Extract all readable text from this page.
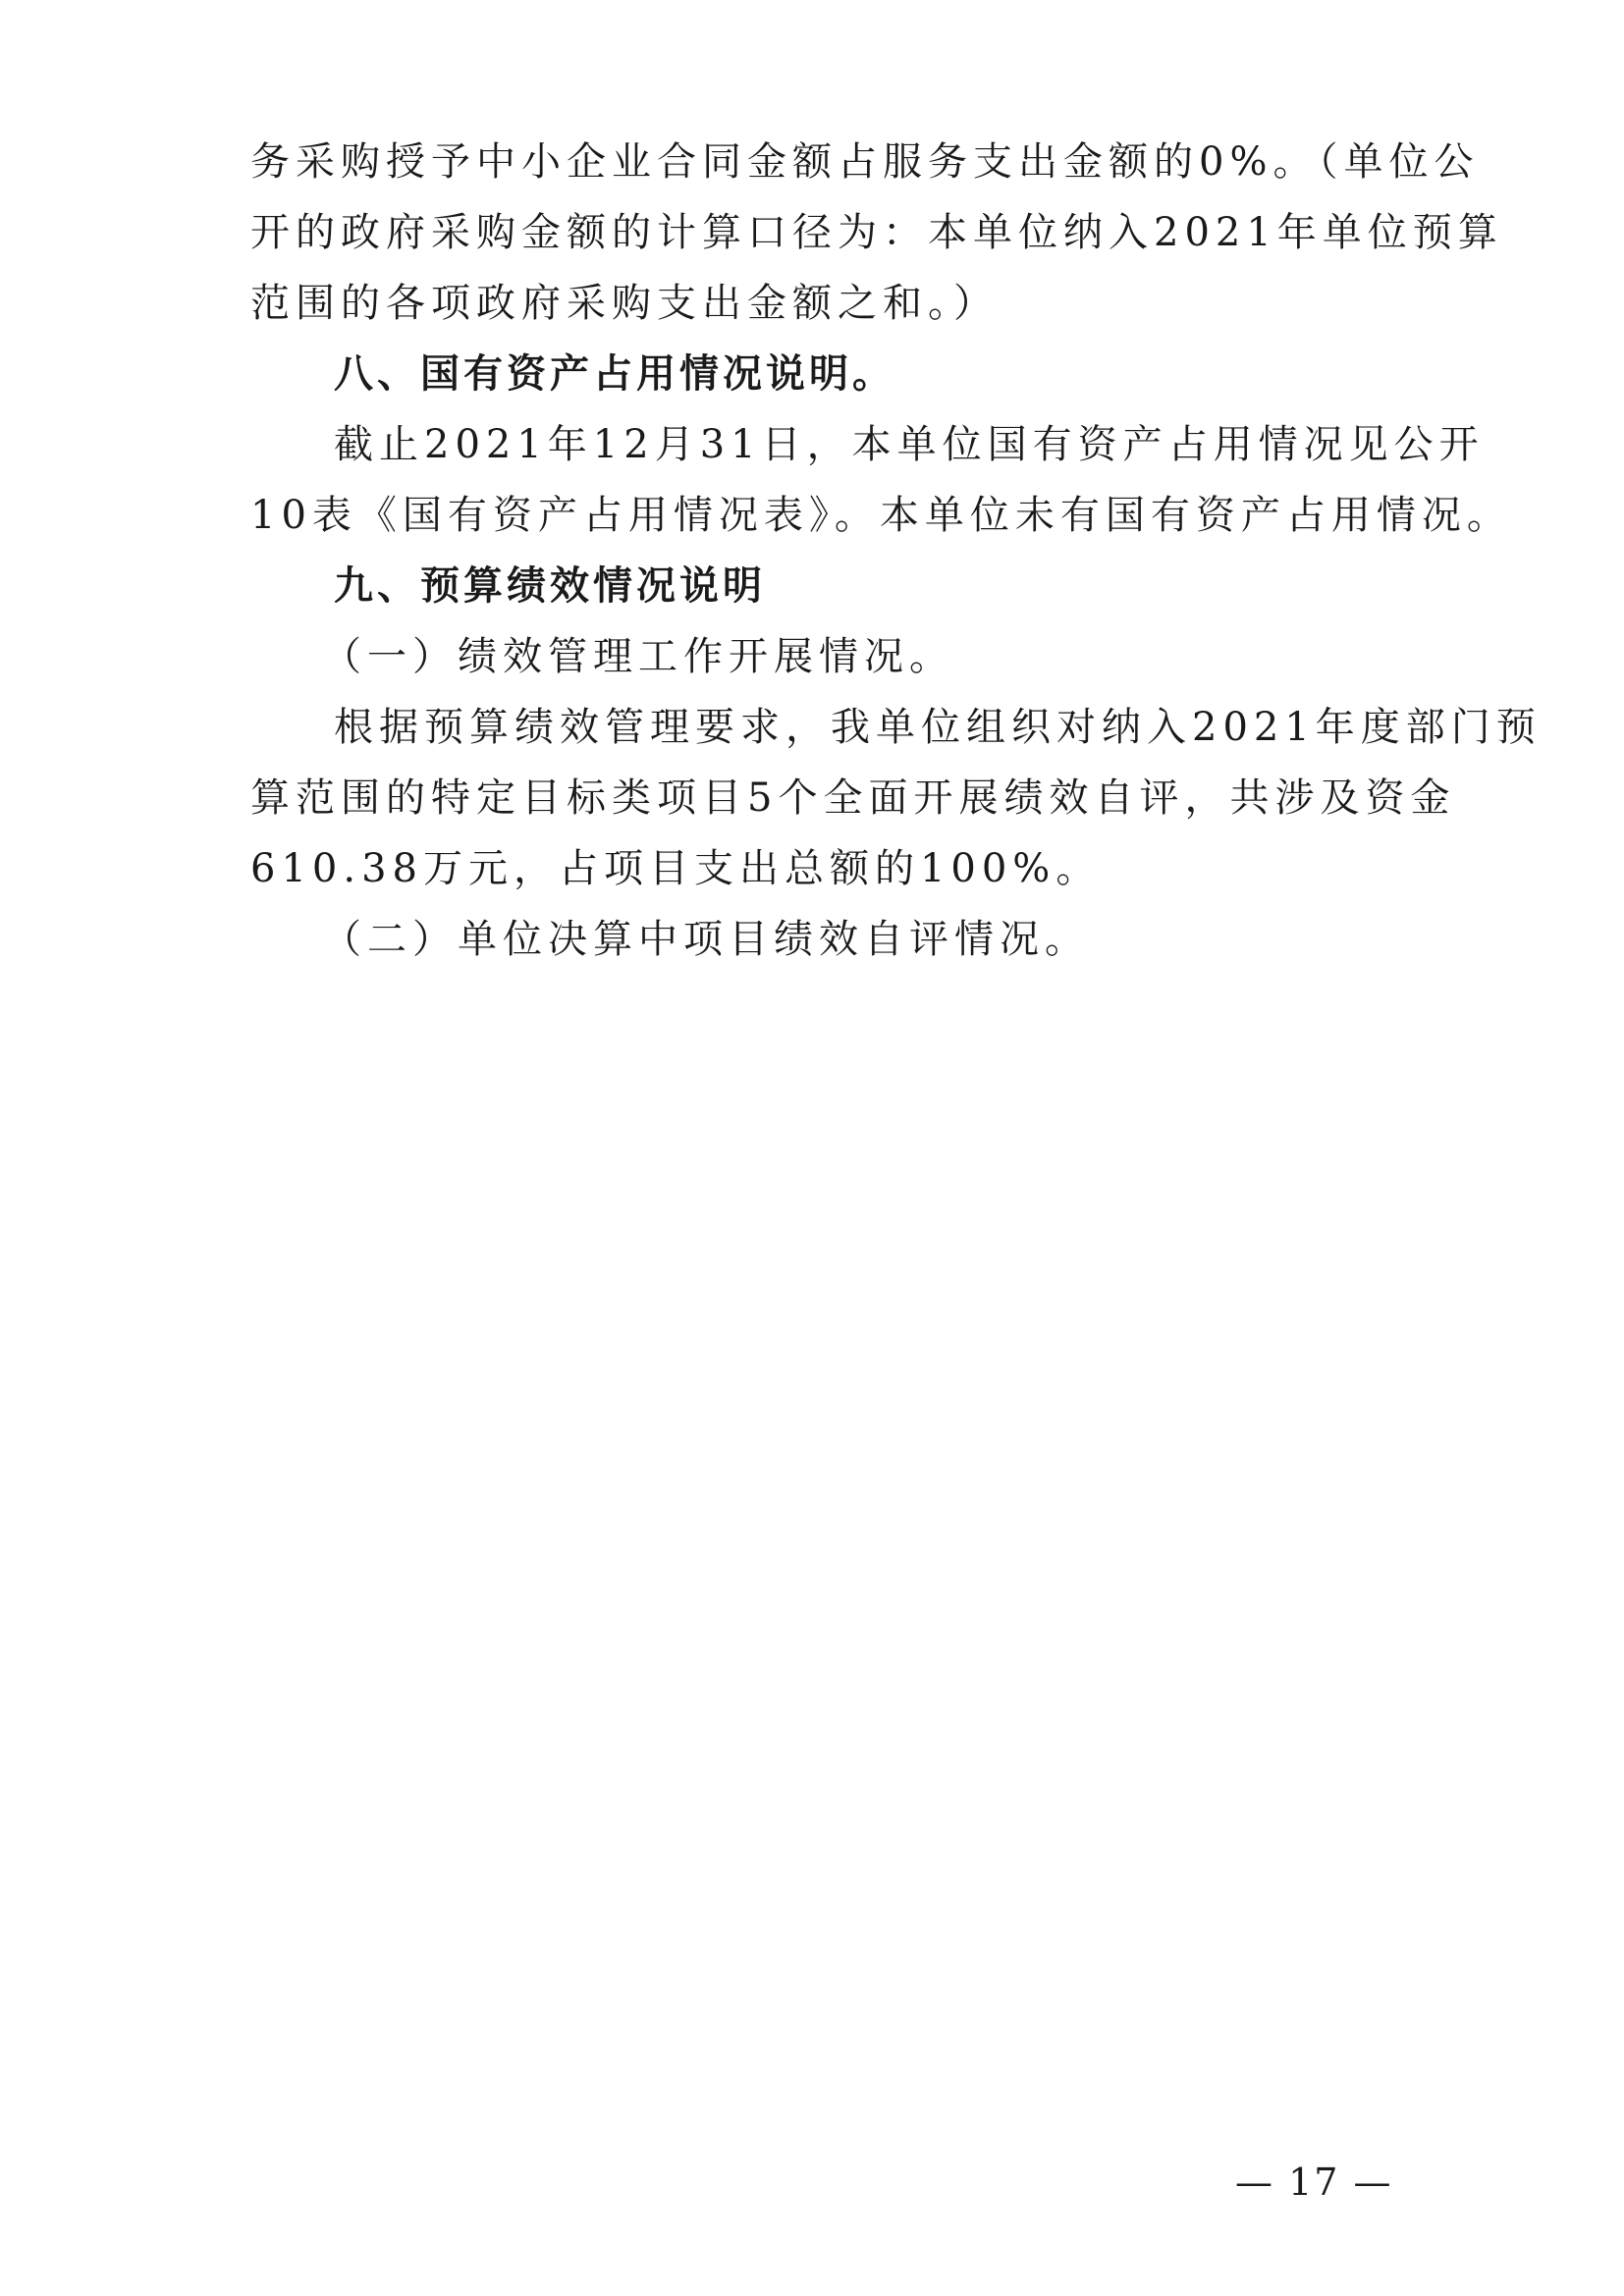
务采购授予中小企业合同金额占服务支出金额的0%。（单位公
开的政府采购金额的计算口径为：本单位纳入2021年单位预算
范围的各项政府采购支出金额之和。）
八、国有资产占用情况说明。
截止2021年12月31日，本单位国有资产占用情况见公开
10表《国有资产占用情况表》。本单位未有国有资产占用情况。
九、预算绩效情况说明
（一）绩效管理工作开展情况。
根据预算绩效管理要求，我单位组织对纳入2021年度部门预
算范围的特定目标类项目5个全面开展绩效自评，共涉及资金
610.38万元，占项目支出总额的100%。
（二）单位决算中项目绩效自评情况。
— 17 —
